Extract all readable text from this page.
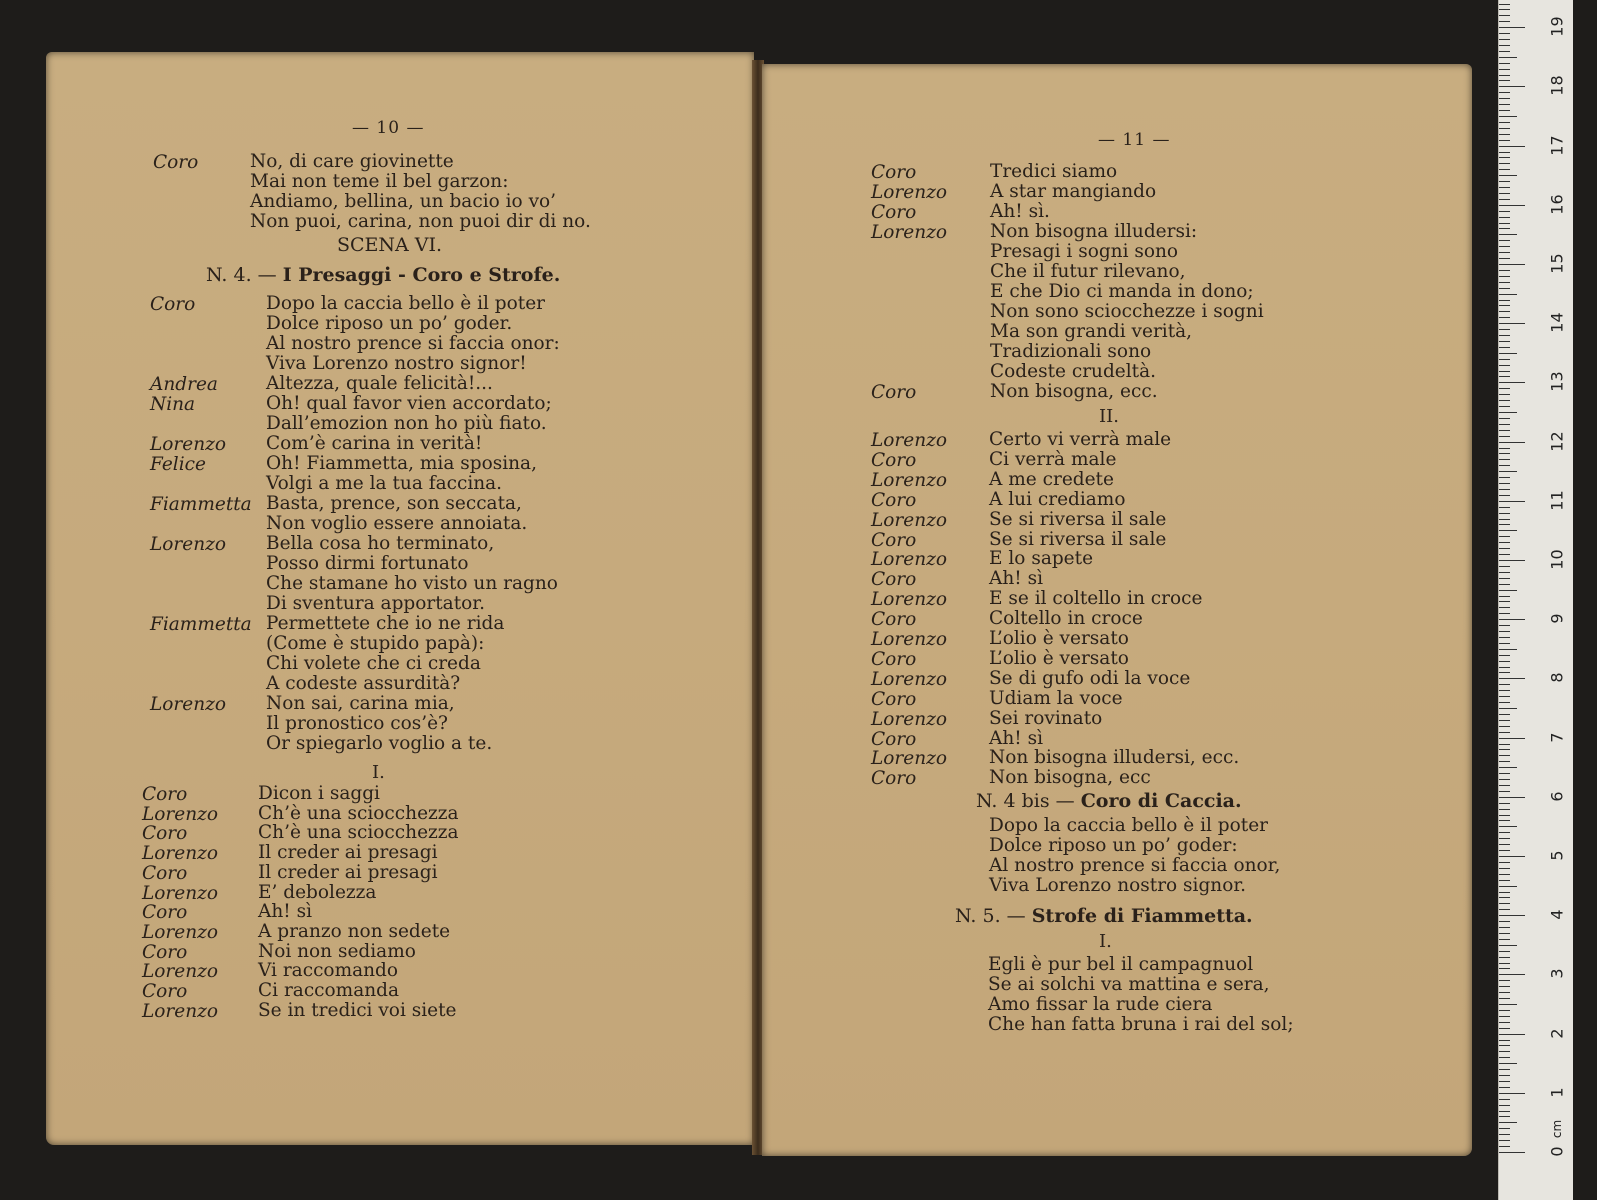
— 10 —
Coro	No, di care giovinette
Mai non teme il bel garzon:
Andiamo, bellina, un bacio io vo’
Non puoi, carina, non puoi dir di no.
SCENA VI.
N. 4. — I Presaggi - Coro e Strofe.
Coro	Dopo la caccia bello è il poter
Dolce riposo un po’ goder.
Al nostro prence si faccia onor:
Viva Lorenzo nostro signor!
Andrea	Altezza, quale felicità!...
Nina	Oh! qual favor vien accordato;
Dall’emozion non ho più fiato.
Lorenzo Com’è carina in verità!
Felice	Oh! Fiammetta, mia sposina,
Volgi a me la tua faccina.
Fiammetta Basta, prence, son seccata,
Non voglio essere annoiata.
Lorenzo Bella cosa ho terminato,
Posso dirmi fortunato
Che stamane ho visto un ragno
Di sventura apportator.
Fiammetta Permettete che io ne rida
(Come è stupido papà):
Chi volete che ci creda
A codeste assurdità?
Lorenzo Non sai, carina mia,
Il pronostico cos’è?
Or spiegarlo voglio a te.
I.
Coro	Dicon i saggi
Lorenzo Ch’è una sciocchezza
Coro	Ch’è una sciocchezza
Lorenzo Il creder ai presagi
Coro	Il creder ai presagi
Lorenzo E’ debolezza
Coro	Ah! sì
Lorenzo A pranzo non sedete
Coro	Noi non sediamo
Lorenzo Vi raccomando
Coro	Ci raccomanda
Lorenzo Se in tredici voi siete
— 11 —
Coro	Tredici siamo
Lorenzo A star mangiando
Coro	Ah! sì.
Lorenzo Non bisogna illudersi:
Presagi i sogni sono
Che il futur rilevano,
E che Dio ci manda in dono;
Non sono sciocchezze i sogni
Ma son grandi verità,
Tradizionali sono
Codeste crudeltà.
Coro	Non bisogna, ecc.
II.
Lorenzo Certo vi verrà male
Coro	Ci verrà male
Lorenzo A me credete
Coro	A lui crediamo
Lorenzo Se si riversa il sale
Coro	Se si riversa il sale
Lorenzo E lo sapete
Coro	Ah! sì
Lorenzo E se il coltello in croce
Coro	Coltello in croce
Lorenzo L’olio è versato
Coro	L’olio è versato
Lorenzo Se di gufo odi la voce
Coro	Udiam la voce
Lorenzo Sei rovinato
Coro	Ah! sì
Lorenzo Non bisogna illudersi, ecc.
Coro	Non bisogna, ecc
N. 4 bis — Coro di Caccia.
Dopo la caccia bello è il poter
Dolce riposo un po’ goder:
Al nostro prence si faccia onor,
Viva Lorenzo nostro signor.
N. 5. — Strofe di Fiammetta.
I.
Egli è pur bel il campagnuol
Se ai solchi va mattina e sera,
Amo fissar la rude ciera
Che han fatta bruna i rai del sol;
0
1
2
3
4
5
6
7
8
9
10
11
12
13
14
15
16
17
18
19
cm
